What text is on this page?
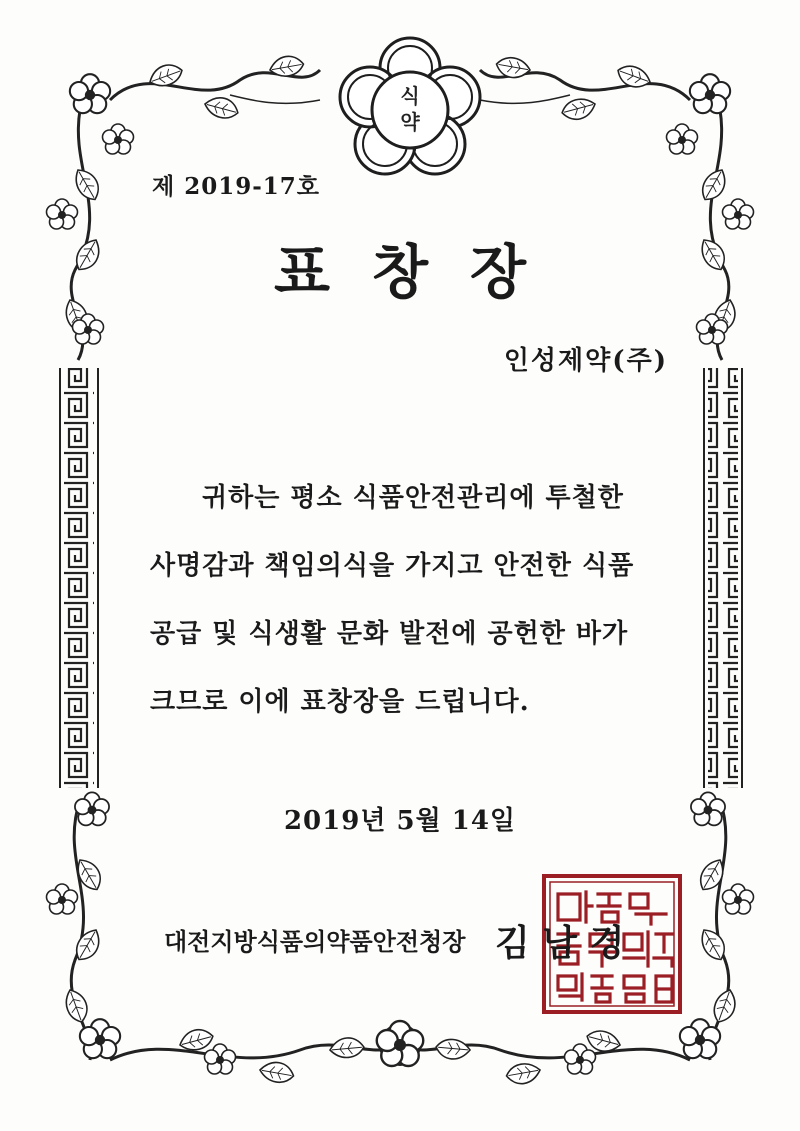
식
약
제 2019-17호
표창장
인성제약(주)
귀하는 평소 식품안전관리에 투철한
사명감과 책임의식을 가지고 안전한 식품
공급 및 식생활 문화 발전에 공헌한 바가
크므로 이에 표창장을 드립니다.
2019년 5월 14일
대전지방식품의약품안전청장 김 남 경
